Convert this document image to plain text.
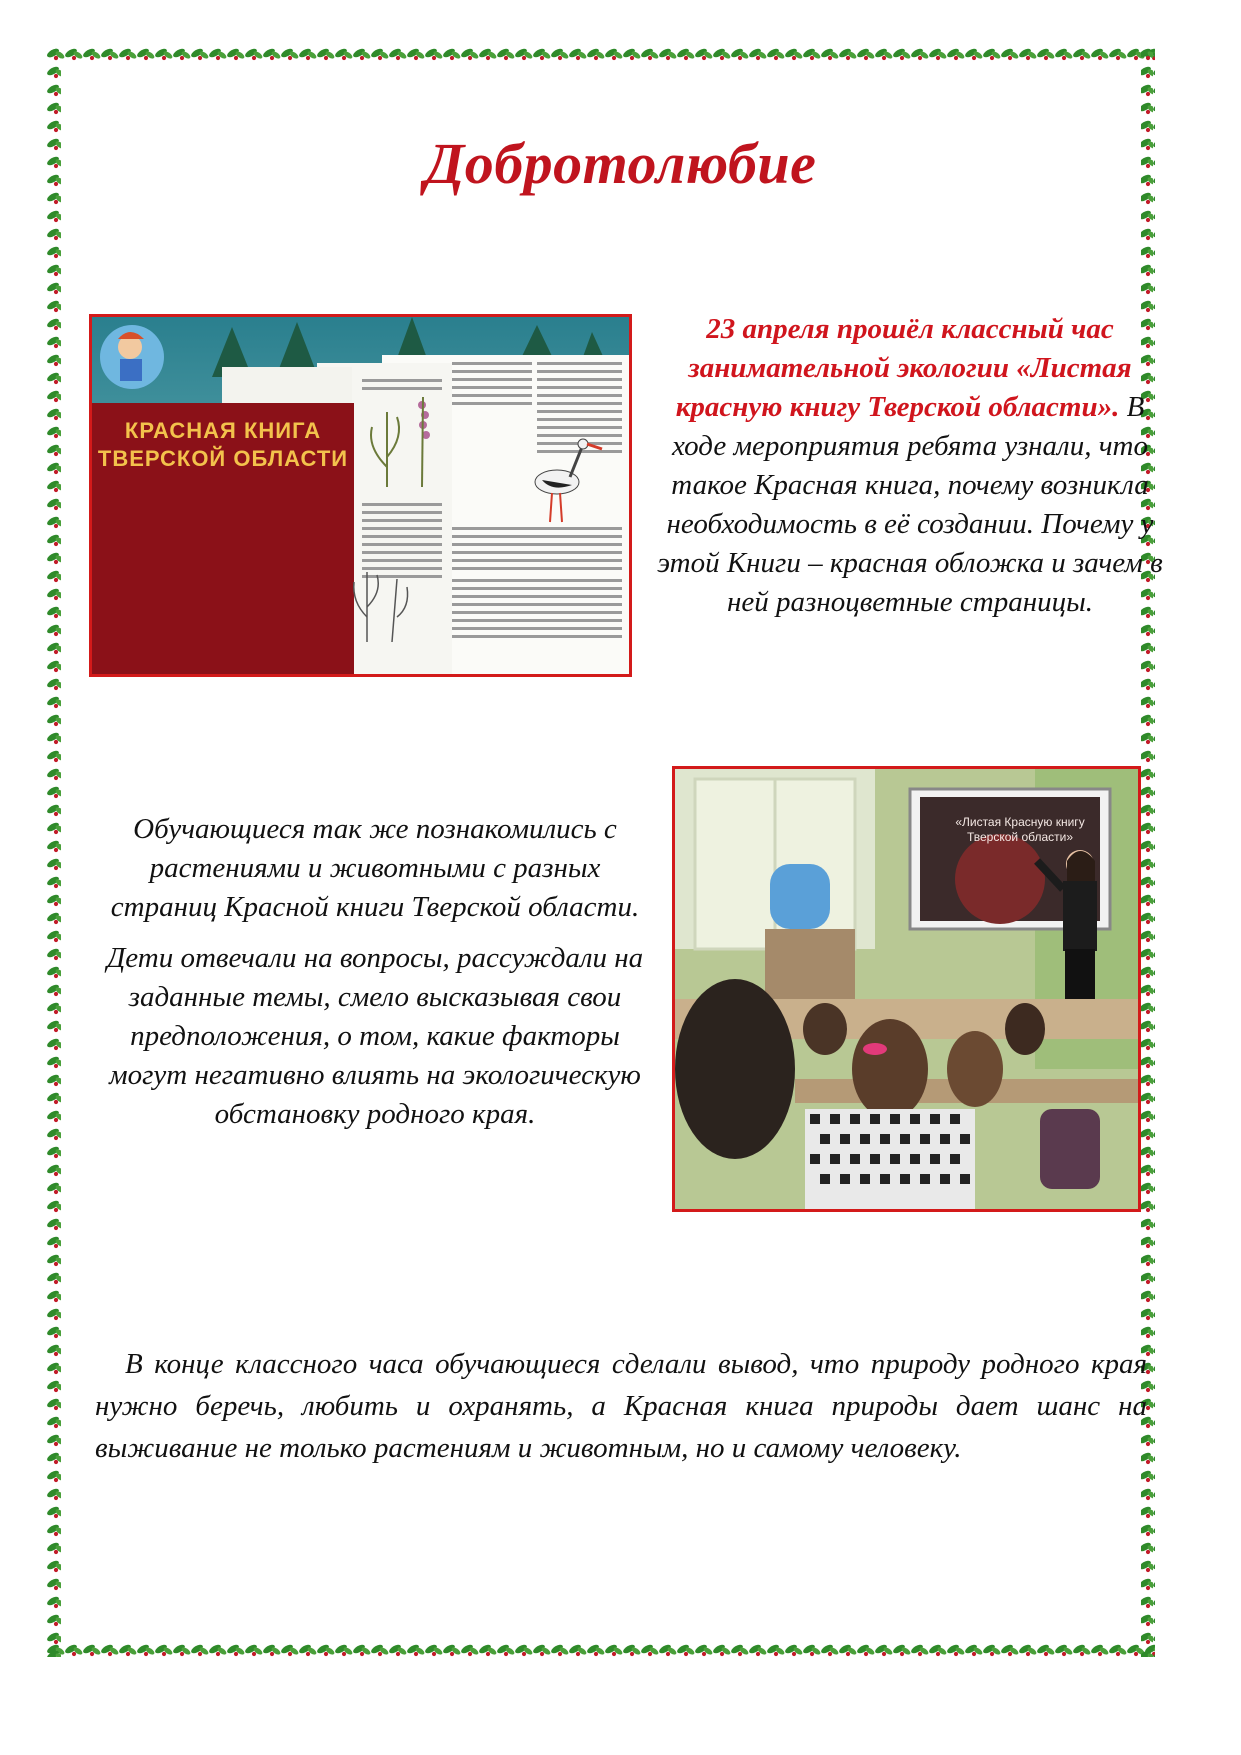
Добротолюбие
КРАСНАЯ КНИГА ТВЕРСКОЙ ОБЛАСТИ
23 апреля прошёл классный час занимательной экологии «Листая красную книгу Тверской области». В ходе мероприятия ребята узнали, что такое Красная книга, почему возникла необходимость в её создании. Почему у этой Книги – красная обложка и зачем в ней разноцветные страницы.
«Листая Красную книгу Тверской области»

Обучающиеся так же познакомились с растениями и животными с разных страниц Красной книги Тверской области.

Дети отвечали на вопросы, рассуждали на заданные темы, смело высказывая свои предположения, о том, какие факторы могут негативно влиять на экологическую обстановку родного края.

В конце классного часа обучающиеся сделали вывод, что природу родного края нужно беречь, любить и охранять, а Красная книга природы дает шанс на выживание не только растениям и животным, но и самому человеку.
